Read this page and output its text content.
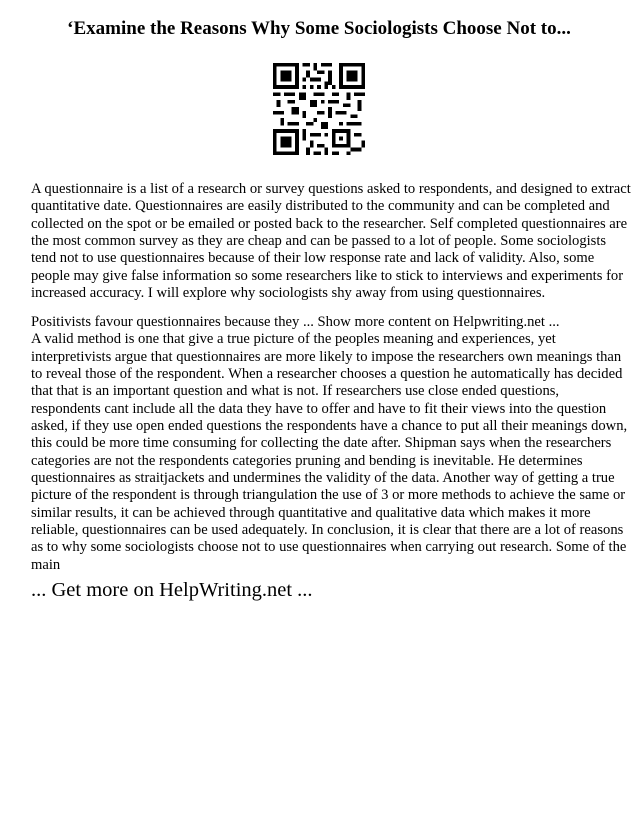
‘Examine the Reasons Why Some Sociologists Choose Not to...
A questionnaire is a list of a research or survey questions asked to respondents, and designed to extract
quantitative date. Questionnaires are easily distributed to the community and can be completed and
collected on the spot or be emailed or posted back to the researcher. Self completed questionnaires are
the most common survey as they are cheap and can be passed to a lot of people. Some sociologists
tend not to use questionnaires because of their low response rate and lack of validity. Also, some
people may give false information so some researchers like to stick to interviews and experiments for
increased accuracy. I will explore why sociologists shy away from using questionnaires.
Positivists favour questionnaires because they ... Show more content on Helpwriting.net ...
A valid method is one that give a true picture of the peoples meaning and experiences, yet
interpretivists argue that questionnaires are more likely to impose the researchers own meanings than
to reveal those of the respondent. When a researcher chooses a question he automatically has decided
that that is an important question and what is not. If researchers use close ended questions,
respondents cant include all the data they have to offer and have to fit their views into the question
asked, if they use open ended questions the respondents have a chance to put all their meanings down,
this could be more time consuming for collecting the date after. Shipman says when the researchers
categories are not the respondents categories pruning and bending is inevitable. He determines
questionnaires as straitjackets and undermines the validity of the data. Another way of getting a true
picture of the respondent is through triangulation the use of 3 or more methods to achieve the same or
similar results, it can be achieved through quantitative and qualitative data which makes it more
reliable, questionnaires can be used adequately. In conclusion, it is clear that there are a lot of reasons
as to why some sociologists choose not to use questionnaires when carrying out research. Some of the
main
... Get more on HelpWriting.net ...
